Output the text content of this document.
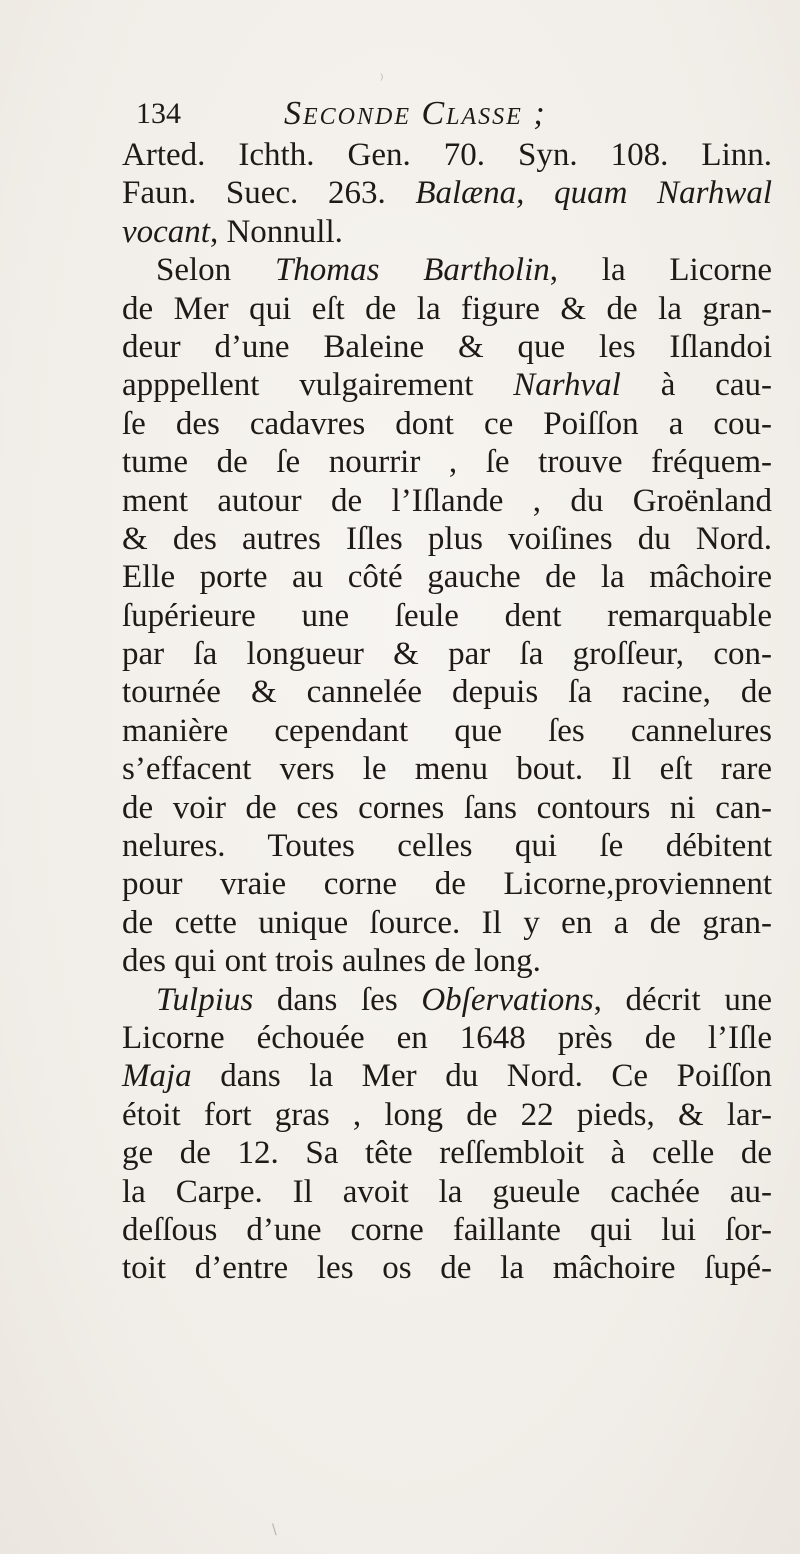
134	Seconde Classe ;
Arted. Ichth. Gen. 70. Syn. 108. Linn.
Faun. Suec. 263. Balæna, quam Narhwal
vocant, Nonnull.
Selon Thomas Bartholin, la Licorne
de Mer qui eſt de la figure & de la gran-
deur d’une Baleine & que les Iſlandoi
apppellent vulgairement Narhval à cau-
ſe des cadavres dont ce Poiſſon a cou-
tume de ſe nourrir , ſe trouve fréquem-
ment autour de l’Iſlande , du Groënland
& des autres Iſles plus voiſines du Nord.
Elle porte au côté gauche de la mâchoire
ſupérieure une ſeule dent remarquable
par ſa longueur & par ſa groſſeur, con-
tournée & cannelée depuis ſa racine, de
manière cependant que ſes cannelures
s’effacent vers le menu bout. Il eſt rare
de voir de ces cornes ſans contours ni can-
nelures. Toutes celles qui ſe débitent
pour vraie corne de Licorne,proviennent
de cette unique ſource. Il y en a de gran-
des qui ont trois aulnes de long.
Tulpius dans ſes Obſervations, décrit une
Licorne échouée en 1648 près de l’Iſle
Maja dans la Mer du Nord. Ce Poiſſon
étoit fort gras , long de 22 pieds, & lar-
ge de 12. Sa tête reſſembloit à celle de
la Carpe. Il avoit la gueule cachée au-
deſſous d’une corne faillante qui lui ſor-
toit d’entre les os de la mâchoire ſupé-
⁾
\
